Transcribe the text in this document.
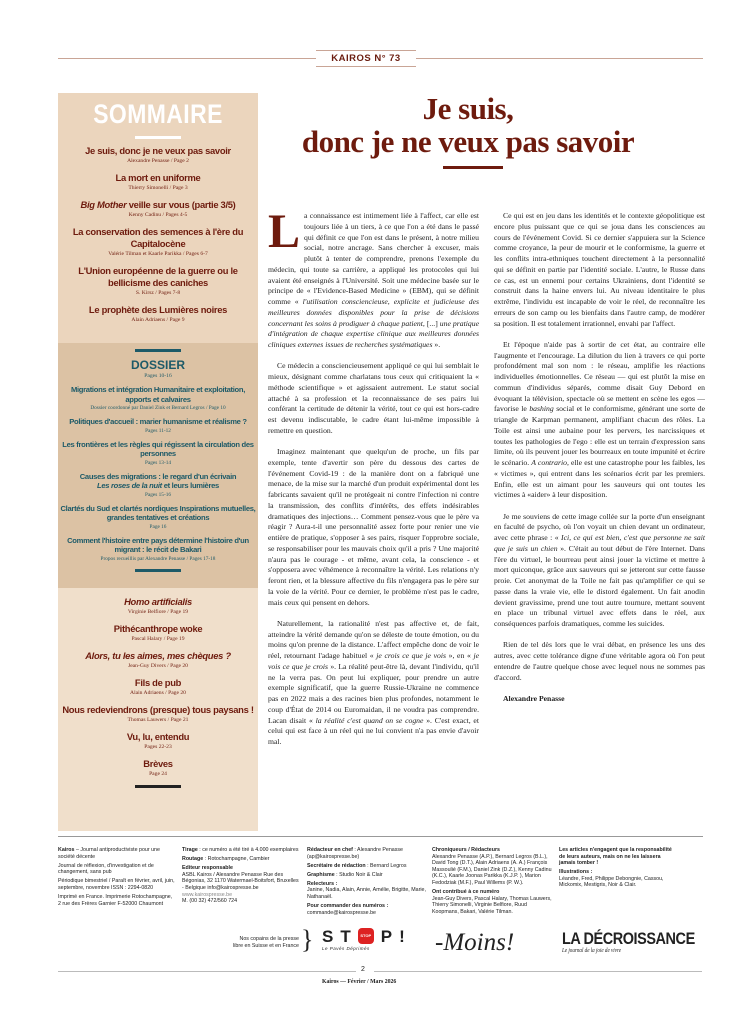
KAIROS N° 73
SOMMAIRE
Je suis, donc je ne veux pas savoir
Alexandre Penasse / Page 2
La mort en uniforme
Thierry Simonelli / Page 3
Big Mother veille sur vous (partie 3/5)
Kenny Cadinu / Pages 4-5
La conservation des semences à l'ère du Capitalocène
Valérie Tilman et Kaarle Parikka / Pages 6-7
L'Union européenne de la guerre ou le bellicisme des caniches
S. Kirsz / Pages 7-8
Le prophète des Lumières noires
Alain Adriaens / Page 9
DOSSIER
Pages 10-16
Migrations et intégration Humanitaire et exploitation, apports et calvaires
Dossier coordonné par Daniel Zink et Bernard Legros / Page 10
Politiques d'accueil : marier humanisme et réalisme ?
Pages 11-12
Les frontières et les règles qui régissent la circulation des personnes
Pages 13-14
Causes des migrations : le regard d'un écrivain
Les roses de la nuit et leurs lumières
Pages 15-16
Clartés du Sud et clartés nordiques Inspirations mutuelles, grandes tentatives et créations
Page 16
Comment l'histoire entre pays détermine l'histoire d'un migrant : le récit de Bakari
Propos recueillis par Alexandre Penasse / Pages 17-18
Homo artificialis
Virginie Belfiore / Page 19
Pithécanthrope woke
Pascal Halary / Page 19
Alors, tu les aimes, mes chèques ?
Jean-Guy Divers / Page 20
Fils de pub
Alain Adriaens / Page 20
Nous redeviendrons (presque) tous paysans !
Thomas Lauwers / Page 21
Vu, lu, entendu
Pages 22-23
Brèves
Page 24
Je suis,
donc je ne veux pas savoir

La connaissance est intimement liée à l'affect, car elle est toujours liée à un tiers, à ce que l'on a été dans le passé qui définit ce que l'on est dans le présent, à notre milieu social, notre ancrage. Sans chercher à excuser, mais plutôt à tenter de comprendre, prenons l'exemple du médecin, qui toute sa carrière, a appliqué les protocoles qui lui avaient été enseignés à l'Université. Soit une médecine basée sur le principe de « l'Evidence-Based Medicine » (EBM), qui se définit comme « l'utilisation consciencieuse, explicite et judicieuse des meilleures données disponibles pour la prise de décisions concernant les soins à prodiguer à chaque patient, [...] une pratique d'intégration de chaque expertise clinique aux meilleures données cliniques externes issues de recherches systématiques ».

Ce médecin a consciencieusement appliqué ce qui lui semblait le mieux, désignant comme charlatans tous ceux qui critiquaient la « méthode scientifique » et agissaient autrement. Le statut social attaché à sa profession et la reconnaissance de ses pairs lui conférant la certitude de détenir la vérité, tout ce qui est hors-cadre est devenu indiscutable, le cadre étant lui-même impossible à remettre en question.

Imaginez maintenant que quelqu'un de proche, un fils par exemple, tente d'avertir son père du dessous des cartes de l'événement Covid-19 : de la manière dont on a fabriqué une menace, de la mise sur la marché d'un produit expérimental dont les fabricants savaient qu'il ne protégeait ni contre l'infection ni contre la transmission, des conflits d'intérêts, des effets indésirables dramatiques des injections… Comment pensez-vous que le père va réagir ? Aura-t-il une personnalité assez forte pour renier une vie entière de pratique, s'opposer à ses pairs, risquer l'opprobre sociale, se responsabiliser pour les mauvais choix qu'il a pris ? Une majorité n'aura pas le courage - et même, avant cela, la conscience - et s'opposera avec véhémence à reconnaître la vérité. Les relations n'y feront rien, et la blessure affective du fils n'engagera pas le père sur la voie de la vérité. Pour ce dernier, le problème n'est pas le cadre, mais ceux qui pensent en dehors.

Naturellement, la rationalité n'est pas affective et, de fait, atteindre la vérité demande qu'on se déleste de toute émotion, ou du moins qu'on prenne de la distance. L'affect empêche donc de voir le réel, retournant l'adage habituel « je crois ce que je vois », en « je vois ce que je crois ». La réalité peut-être là, devant l'individu, qu'il ne la verra pas. On peut lui expliquer, pour prendre un autre exemple significatif, que la guerre Russie-Ukraine ne commence pas en 2022 mais a des racines bien plus profondes, notamment le coup d'État de 2014 ou Euromaidan, il ne voudra pas comprendre. Lacan disait « la réalité c'est quand on se cogne ». C'est exact, et celui qui est face à un réel qui ne lui convient n'a pas envie d'avoir mal.

Ce qui est en jeu dans les identités et le contexte géopolitique est encore plus puissant que ce qui se joua dans les consciences au cours de l'événement Covid. Si ce dernier s'appuiera sur la Science comme croyance, la peur de mourir et le conformisme, la guerre et les conflits intra-ethniques touchent directement à la personnalité qui se définit en partie par l'identité sociale. L'autre, le Russe dans ce cas, est un ennemi pour certains Ukrainiens, dont l'identité se construit dans la haine envers lui. Au niveau identitaire le plus extrême, l'individu est incapable de voir le réel, de reconnaître les erreurs de son camp ou les bienfaits dans l'autre camp, de modérer sa position. Il est totalement irrationnel, envahi par l'affect.

Et l'époque n'aide pas à sortir de cet état, au contraire elle l'augmente et l'encourage. La dilution du lien à travers ce qui porte profondément mal son nom : le réseau, amplifie les réactions individuelles émotionnelles. Ce réseau — qui est plutôt la mise en commun d'individus séparés, comme disait Guy Debord en évoquant la télévision, spectacle où se mettent en scène les egos — favorise le bashing social et le conformisme, générant une sorte de triangle de Karpman permanent, amplifiant chacun des rôles. La Toile est ainsi une aubaine pour les pervers, les narcissiques et toutes les pathologies de l'ego : elle est un terrain d'expression sans limite, où ils peuvent jouer les bourreaux en toute impunité et écrire le scénario. A contrario, elle est une catastrophe pour les faibles, les « victimes », qui entrent dans les scénarios écrit par les premiers. Enfin, elle est un aimant pour les sauveurs qui ont toutes les victimes à «aider» à leur disposition.

Je me souviens de cette image collée sur la porte d'un enseignant en faculté de psycho, où l'on voyait un chien devant un ordinateur, avec cette phrase : « Ici, ce qui est bien, c'est que personne ne sait que je suis un chien ». C'était au tout début de l'ère Internet. Dans l'ère du virtuel, le bourreau peut ainsi jouer la victime et mettre à mort quiconque, grâce aux sauveurs qui se jetteront sur cette fausse proie. Cet anonymat de la Toile ne fait pas qu'amplifier ce qui se passe dans la vraie vie, elle le distord également. Un fait anodin devient gravissime, prend une tout autre tournure, mettant souvent en place un tribunal virtuel avec effets dans le réel, aux conséquences parfois dramatiques, comme les suicides.

Rien de tel dès lors que le vrai débat, en présence les uns des autres, avec cette tolérance digne d'une véritable agora où l'on peut entendre de l'autre quelque chose avec lequel nous ne sommes pas d'accord.

Alexandre Penasse

Kairos – Journal antiproductiviste pour une société décente

Journal de réflexion, d'investigation et de changement, sans pub

Périodique bimestriel / Paraît en février, avril, juin, septembre, novembre ISSN : 2294-0820

Imprimé en France. Imprimerie Rotochampagne, 2 rue des Frères Garnier F-52000 Chaumont

Tirage : ce numéro a été tiré à 4.000 exemplaires

Routage : Rotochampagne, Cambier

Editeur responsable
ASBL Kairos / Alexandre Penasse Rue des Bégonias, 32 1170 Watermael-Boitsfort, Bruxelles - Belgique info@kairospresse.be
www.kairospresse.be
M. (00 32) 472/560 724

Rédacteur en chef : Alexandre Penasse (ap@kairospresse.be)

Secrétaire de rédaction : Bernard Legros

Graphisme : Studio Noir & Clair

Relecteurs :
Janine, Nadia, Alain, Annie, Amélie, Brigitte, Marie, Nathanaël.

Pour commander des numéros :
commande@kairospresse.be

Chroniqueurs / Rédacteurs
Alexandre Penasse (A.P.), Bernard Legros (B.L.), David Tong (D.T.), Alain Adriaens (A. A.) François Massoulié (F.M.), Daniel Zink (D.Z.), Kenny Cadinu (K.C.), Kaarle Joonas Parikka (K.J.P. ), Marion Fedodziak (M.F.), Paul Willems (P. W.).

Ont contribué à ce numéro
Jean-Guy Divers, Pascal Halary, Thomas Lauwers, Thierry Simonelli, Virginie Belfiore, Ruud Koopmans, Bakari, Valérie Tilman.

Les articles n'engagent que la responsabilité de leurs auteurs, mais on ne les laissera jamais tomber !

Illustrations :
Léandre, Fred, Philippe Debongnie, Cassou, Mickomix, Mestigris, Noir & Clair.

Nos copains de la presse libre en Suisse et en France } ST STOP P!
Le Pavés Déprimés	-Moins!	LA DÉCROISSANCE
Le journal de la joie de vivre
2
Kairos — Février / Mars 2026
